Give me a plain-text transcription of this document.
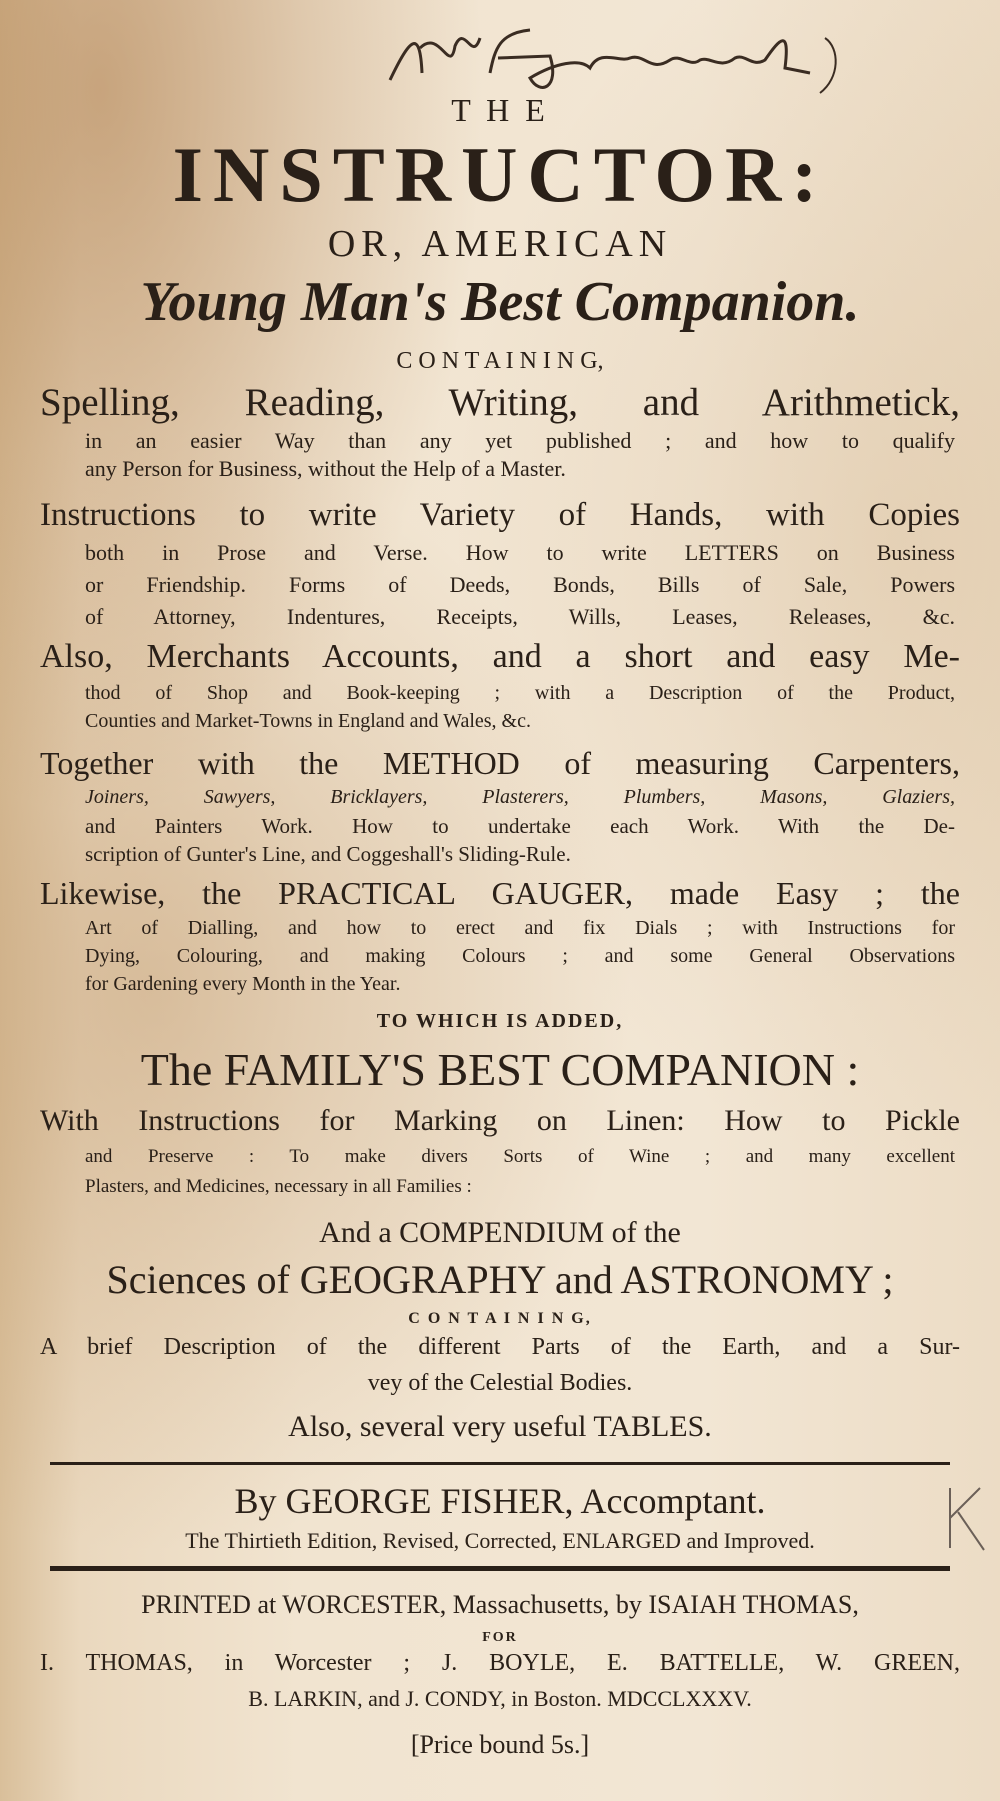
T H E
INSTRUCTOR:
OR, AMERICAN
Young Man's Best Companion.
C O N T A I N I N G,
Spelling, Reading, Writing, and Arithmetick,
in an easier Way than any yet published ; and how to qualify
any Person for Business, without the Help of a Master.
Instructions to write Variety of Hands, with Copies
both in Prose and Verse. How to write LETTERS on Business
or Friendship. Forms of Deeds, Bonds, Bills of Sale, Powers
of Attorney, Indentures, Receipts, Wills, Leases, Releases, &c.
Also, Merchants Accounts, and a short and easy Me-
thod of Shop and Book-keeping ; with a Description of the Product,
Counties and Market-Towns in England and Wales, &c.
Together with the METHOD of measuring Carpenters,
Joiners, Sawyers, Bricklayers, Plasterers, Plumbers, Masons, Glaziers,
and Painters Work. How to undertake each Work. With the De-
scription of Gunter's Line, and Coggeshall's Sliding-Rule.
Likewise, the PRACTICAL GAUGER, made Easy ; the
Art of Dialling, and how to erect and fix Dials ; with Instructions for
Dying, Colouring, and making Colours ; and some General Observations
for Gardening every Month in the Year.
TO WHICH IS ADDED,
The FAMILY'S BEST COMPANION :
With Instructions for Marking on Linen: How to Pickle
and Preserve : To make divers Sorts of Wine ; and many excellent
Plasters, and Medicines, necessary in all Families :
And a COMPENDIUM of the
Sciences of GEOGRAPHY and ASTRONOMY ;
C O N T A I N I N G,
A brief Description of the different Parts of the Earth, and a Sur-
vey of the Celestial Bodies.
Also, several very useful TABLES.
By GEORGE FISHER, Accomptant.
The Thirtieth Edition, Revised, Corrected, ENLARGED and Improved.
PRINTED at WORCESTER, Massachusetts, by ISAIAH THOMAS,
FOR
I. THOMAS, in Worcester ; J. BOYLE, E. BATTELLE, W. GREEN,
B. LARKIN, and J. CONDY, in Boston. MDCCLXXXV.
[Price bound 5s.]
